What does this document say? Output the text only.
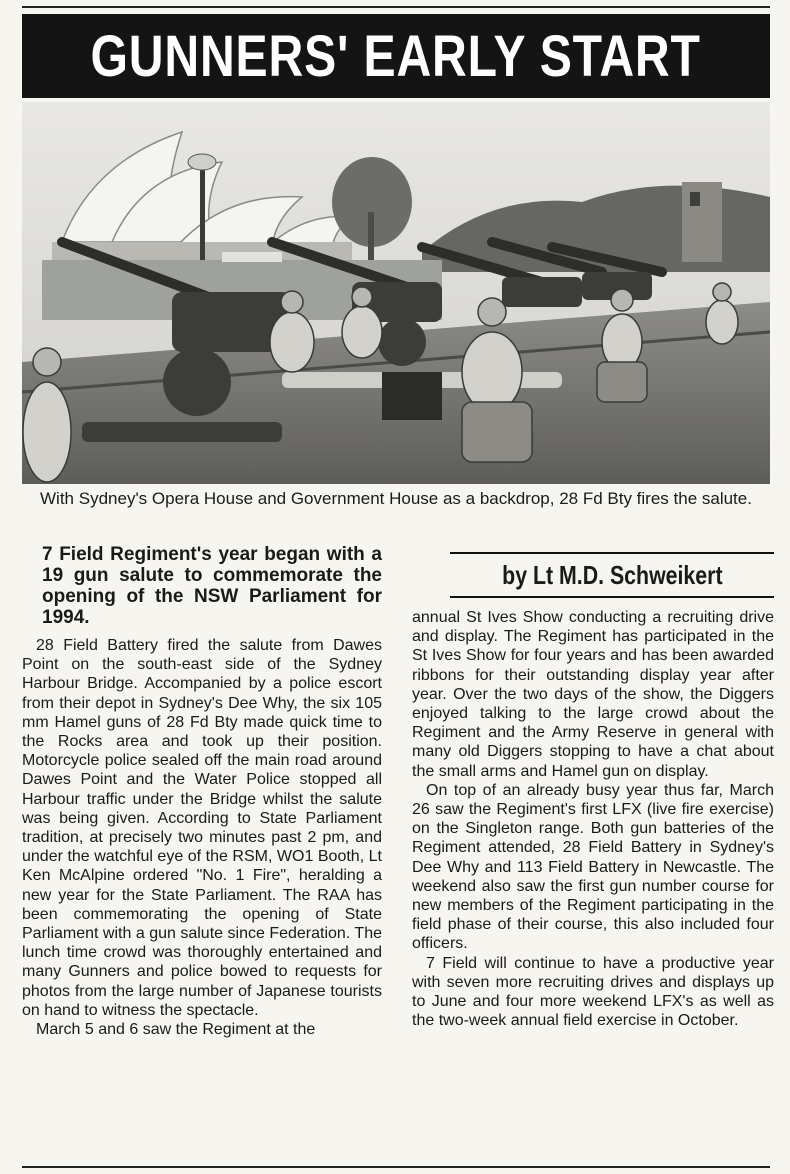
GUNNERS' EARLY START
With Sydney's Opera House and Government House as a backdrop, 28 Fd Bty fires the salute.
7 Field Regiment's year began with a 19 gun salute to commemorate the opening of the NSW Parliament for 1994.

28 Field Battery fired the salute from Dawes Point on the south-east side of the Sydney Harbour Bridge. Accompanied by a police escort from their depot in Sydney's Dee Why, the six 105 mm Hamel guns of 28 Fd Bty made quick time to the Rocks area and took up their position. Motorcycle police sealed off the main road around Dawes Point and the Water Police stopped all Harbour traffic under the Bridge whilst the salute was being given. According to State Parliament tradition, at precisely two minutes past 2 pm, and under the watchful eye of the RSM, WO1 Booth, Lt Ken McAlpine ordered "No. 1 Fire", heralding a new year for the State Parliament. The RAA has been commemorating the opening of State Parliament with a gun salute since Federation. The lunch time crowd was thoroughly entertained and many Gunners and police bowed to requests for photos from the large number of Japanese tourists on hand to witness the spectacle.

March 5 and 6 saw the Regiment at the

by Lt M.D. Schweikert

annual St Ives Show conducting a recruiting drive and display. The Regiment has participated in the St Ives Show for four years and has been awarded ribbons for their outstanding display year after year. Over the two days of the show, the Diggers enjoyed talking to the large crowd about the Regiment and the Army Reserve in general with many old Diggers stopping to have a chat about the small arms and Hamel gun on display.

On top of an already busy year thus far, March 26 saw the Regiment's first LFX (live fire exercise) on the Singleton range. Both gun batteries of the Regiment attended, 28 Field Battery in Sydney's Dee Why and 113 Field Battery in Newcastle. The weekend also saw the first gun number course for new members of the Regiment participating in the field phase of their course, this also included four officers.

7 Field will continue to have a productive year with seven more recruiting drives and displays up to June and four more weekend LFX's as well as the two-week annual field exercise in October.
